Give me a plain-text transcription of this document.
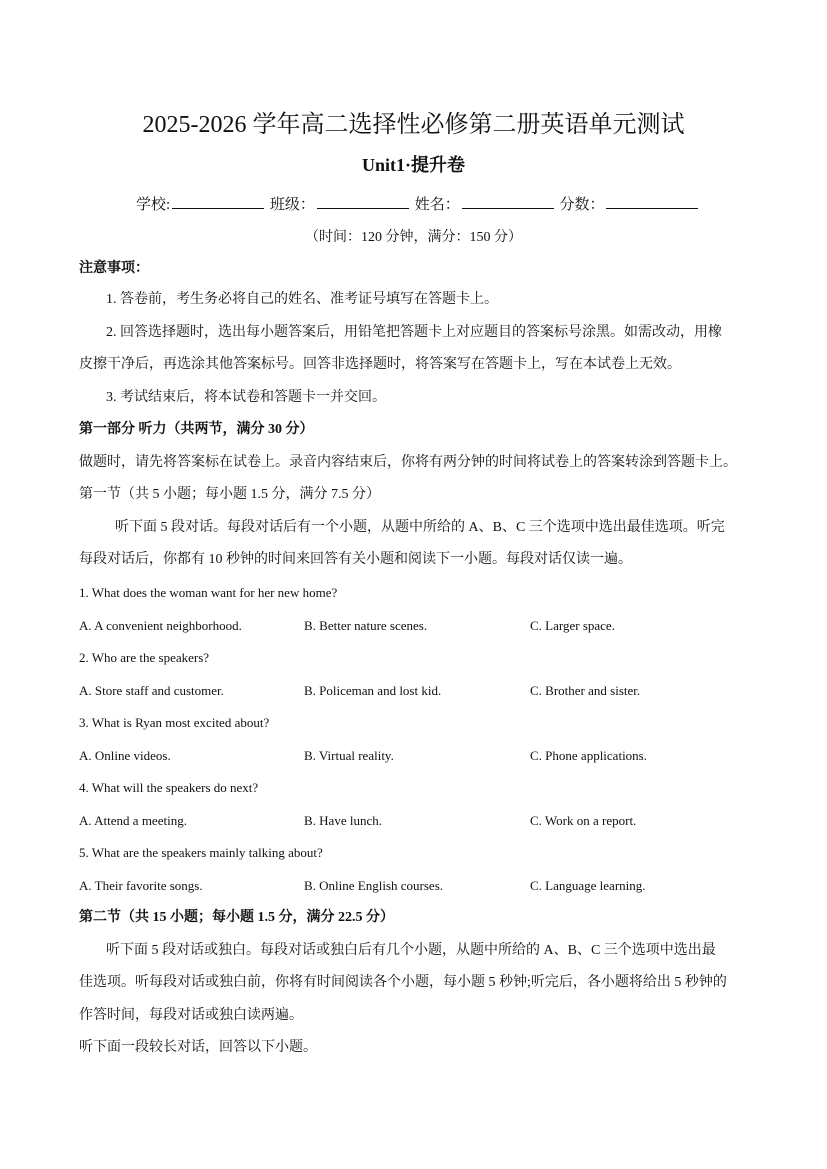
2025-2026 学年高二选择性必修第二册英语单元测试
Unit1·提升卷
学校:	班级：	姓名：	分数：
（时间：120 分钟，满分：150 分）
注意事项：
1. 答卷前，考生务必将自己的姓名、准考证号填写在答题卡上。
2. 回答选择题时，选出每小题答案后，用铅笔把答题卡上对应题目的答案标号涂黑。如需改动，用橡
皮擦干净后，再选涂其他答案标号。回答非选择题时，将答案写在答题卡上，写在本试卷上无效。
3. 考试结束后，将本试卷和答题卡一并交回。
第一部分 听力（共两节，满分 30 分）
做题时，请先将答案标在试卷上。录音内容结束后，你将有两分钟的时间将试卷上的答案转涂到答题卡上。
第一节（共 5 小题；每小题 1.5 分，满分 7.5 分）
听下面 5 段对话。每段对话后有一个小题，从题中所给的 A、B、C 三个选项中选出最佳选项。听完
每段对话后，你都有 10 秒钟的时间来回答有关小题和阅读下一小题。每段对话仅读一遍。
1. What does the woman want for her new home?
A. A convenient neighborhood.	B. Better nature scenes.	C. Larger space.
2. Who are the speakers?
A. Store staff and customer.	B. Policeman and lost kid.	C. Brother and sister.
3. What is Ryan most excited about?
A. Online videos.	B. Virtual reality.	C. Phone applications.
4. What will the speakers do next?
A. Attend a meeting.	B. Have lunch.	C. Work on a report.
5. What are the speakers mainly talking about?
A. Their favorite songs.	B. Online English courses.	C. Language learning.
第二节（共 15 小题；每小题 1.5 分，满分 22.5 分）
听下面 5 段对话或独白。每段对话或独白后有几个小题，从题中所给的 A、B、C 三个选项中选出最
佳选项。听每段对话或独白前，你将有时间阅读各个小题，每小题 5 秒钟;听完后，各小题将给出 5 秒钟的
作答时间，每段对话或独白读两遍。
听下面一段较长对话，回答以下小题。
